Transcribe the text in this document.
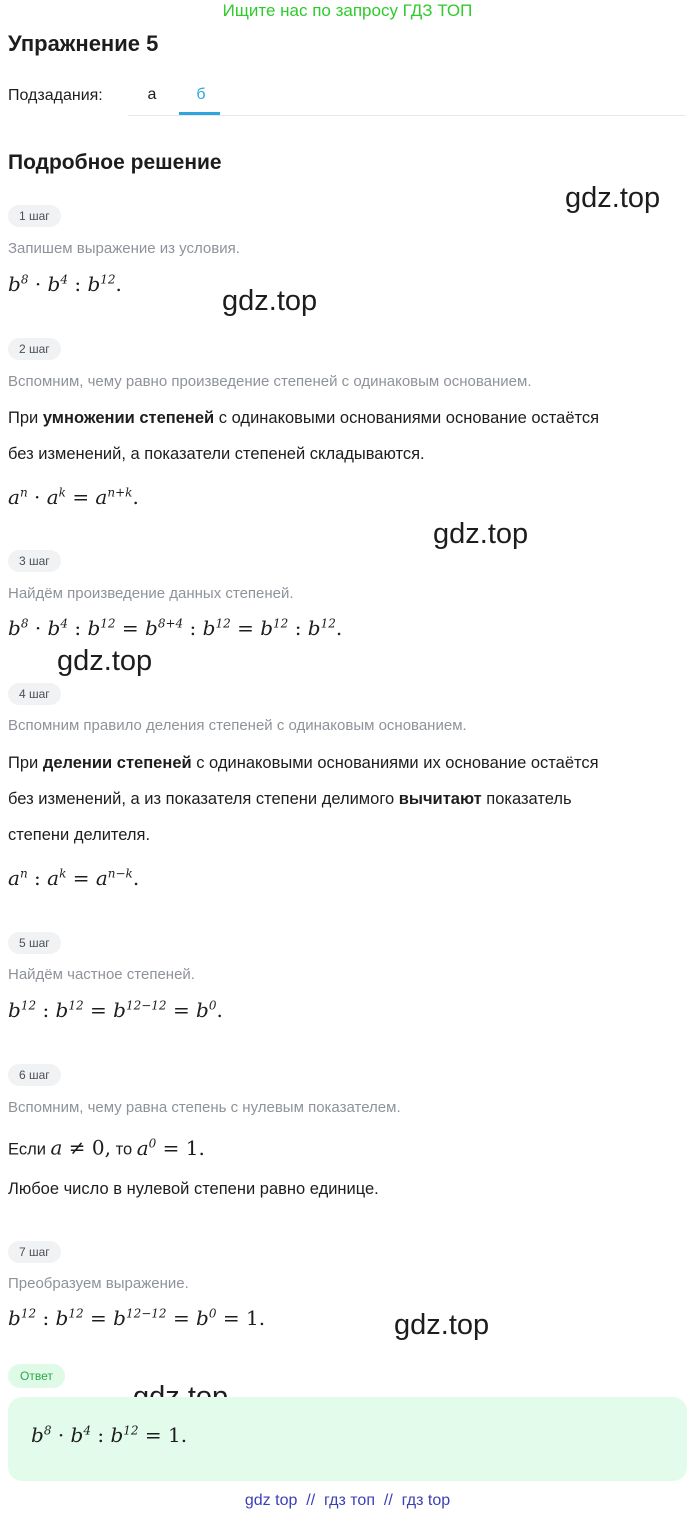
Ищите нас по запросу ГДЗ ТОП
Упражнение 5
Подзадания:	а	б
Подробное решение
gdz.top
gdz.top
gdz.top
gdz.top
gdz.top
1 шаг
Запишем выражение из условия.
$b^8 \cdot b^4$ : $b^{12}$.
2 шаг
Вспомним, чему равно произведение степеней с одинаковым основанием.
При умножении степеней с одинаковыми основаниями основание остаётся
без изменений, а показатели степеней складываются.
$a^n \cdot a^k = a^{n+k}$.
3 шаг
Найдём произведение данных степеней.
$b^8 \cdot b^4$ : $b^{12} = b^{8+4}$ : $b^{12} = b^{12}$ : $b^{12}$.
4 шаг
Вспомним правило деления степеней с одинаковым основанием.
При делении степеней с одинаковыми основаниями их основание остаётся
без изменений, а из показателя степени делимого вычитают показатель
степени делителя.
$a^n$ : $a^k = a^{n-k}$.
5 шаг
Найдём частное степеней.
$b^{12}$ : $b^{12} = b^{12-12} = b^0$.
6 шаг
Вспомним, чему равна степень с нулевым показателем.
Если a ≠ 0, то $a^0 = 1$.
Любое число в нулевой степени равно единице.
7 шаг
Преобразуем выражение.
$b^{12}$ : $b^{12} = b^{12-12} = b^0 = 1$.
Ответ
$b^8 \cdot b^4$ : $b^{12} = 1$.
gdz top  //  гдз топ  //  гдз top
